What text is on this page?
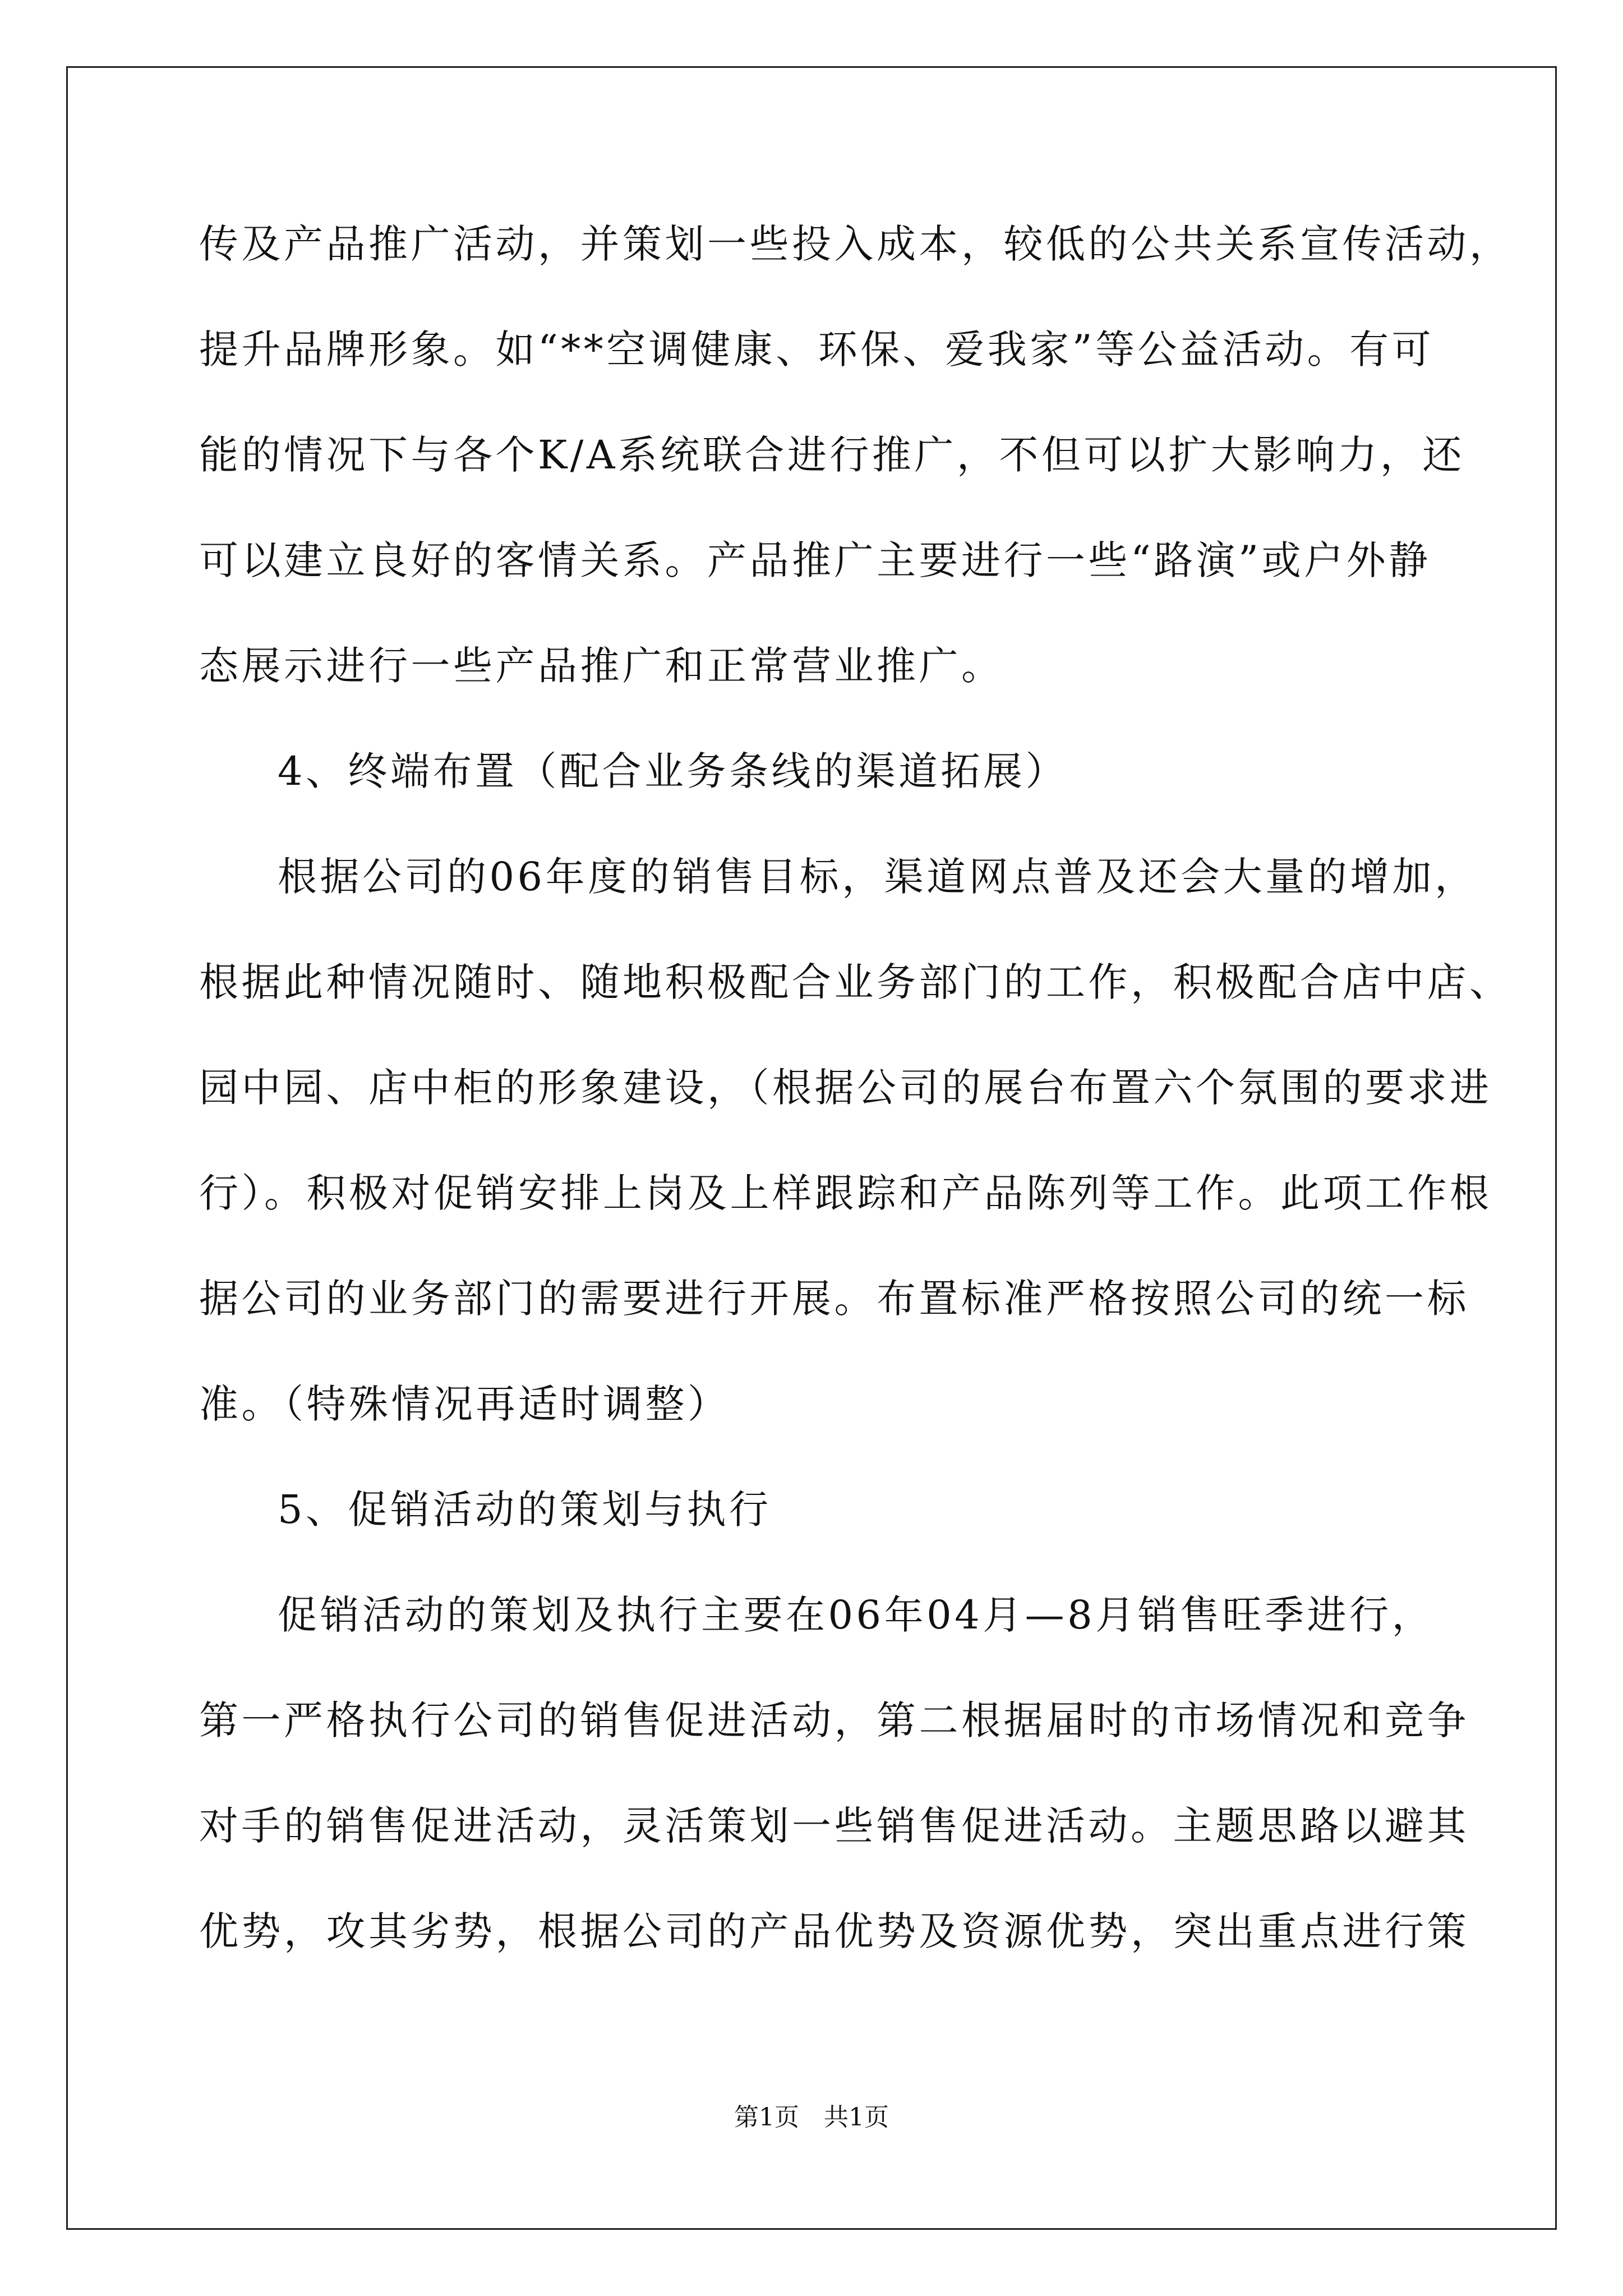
传及产品推广活动，并策划一些投入成本，较低的公共关系宣传活动，
提升品牌形象。如“**空调健康、环保、爱我家”等公益活动。有可
能的情况下与各个K/A系统联合进行推广，不但可以扩大影响力，还
可以建立良好的客情关系。产品推广主要进行一些“路演”或户外静
态展示进行一些产品推广和正常营业推广。
4、终端布置（配合业务条线的渠道拓展）
根据公司的06年度的销售目标，渠道网点普及还会大量的增加，
根据此种情况随时、随地积极配合业务部门的工作，积极配合店中店、
园中园、店中柜的形象建设，（根据公司的展台布置六个氛围的要求进
行）。积极对促销安排上岗及上样跟踪和产品陈列等工作。此项工作根
据公司的业务部门的需要进行开展。布置标准严格按照公司的统一标
准。（特殊情况再适时调整）
5、促销活动的策划与执行
促销活动的策划及执行主要在06年04月—8月销售旺季进行，
第一严格执行公司的销售促进活动，第二根据届时的市场情况和竞争
对手的销售促进活动，灵活策划一些销售促进活动。主题思路以避其
优势，攻其劣势，根据公司的产品优势及资源优势，突出重点进行策
第1页 共1页
